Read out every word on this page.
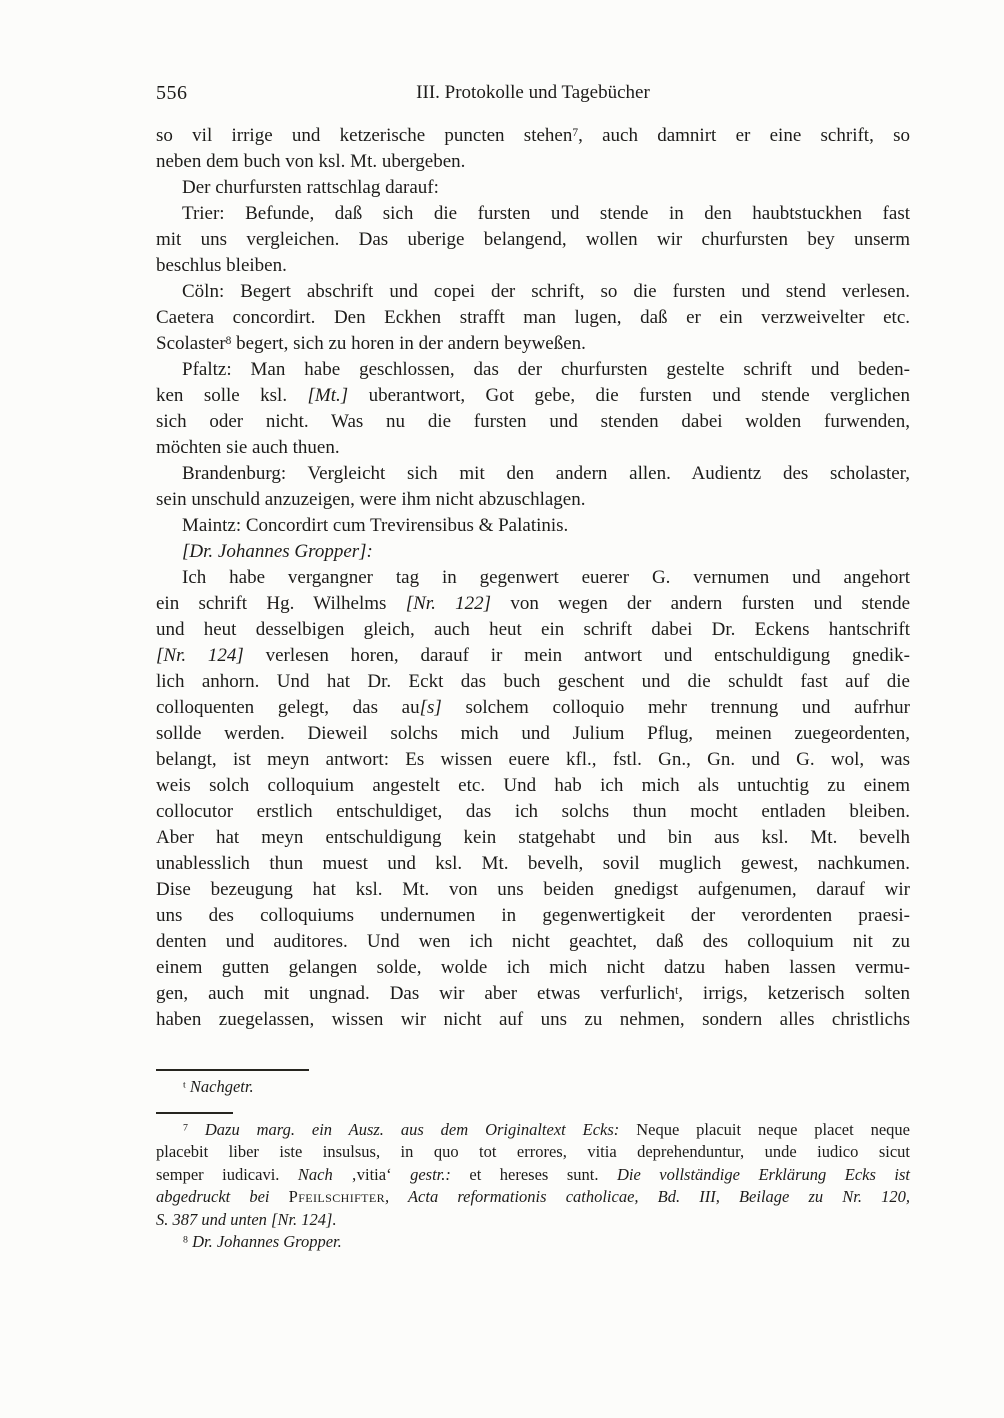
556	III. Protokolle und Tagebücher
so vil irrige und ketzerische puncten stehen$^7$, auch damnirt er eine schrift, so
neben dem buch von ksl. Mt. ubergeben.
Der churfursten rattschlag darauf:
Trier: Befunde, daß sich die fursten und stende in den haubtstuckhen fast
mit uns vergleichen. Das uberige belangend, wollen wir churfursten bey unserm
beschlus bleiben.
Cöln: Begert abschrift und copei der schrift, so die fursten und stend verlesen.
Caetera concordirt. Den Eckhen strafft man lugen, daß er ein verzweivelter etc.
Scolaster$^8$ begert, sich zu horen in der andern beyweßen.
Pfaltz: Man habe geschlossen, das der churfursten gestelte schrift und beden-
ken solle ksl. [Mt.] uberantwort, Got gebe, die fursten und stende verglichen
sich oder nicht. Was nu die fursten und stenden dabei wolden furwenden,
möchten sie auch thuen.
Brandenburg: Vergleicht sich mit den andern allen. Audientz des scholaster,
sein unschuld anzuzeigen, were ihm nicht abzuschlagen.
Maintz: Concordirt cum Trevirensibus & Palatinis.
[Dr. Johannes Gropper]:
Ich habe vergangner tag in gegenwert euerer G. vernumen und angehort
ein schrift Hg. Wilhelms [Nr. 122] von wegen der andern fursten und stende
und heut desselbigen gleich, auch heut ein schrift dabei Dr. Eckens hantschrift
[Nr. 124] verlesen horen, darauf ir mein antwort und entschuldigung gnedik-
lich anhorn. Und hat Dr. Eckt das buch geschent und die schuldt fast auf die
colloquenten gelegt, das au[s] solchem colloquio mehr trennung und aufrhur
sollde werden. Dieweil solchs mich und Julium Pflug, meinen zuegeordenten,
belangt, ist meyn antwort: Es wissen euere kfl., fstl. Gn., Gn. und G. wol, was
weis solch colloquium angestelt etc. Und hab ich mich als untuchtig zu einem
collocutor erstlich entschuldiget, das ich solchs thun mocht entladen bleiben.
Aber hat meyn entschuldigung kein statgehabt und bin aus ksl. Mt. bevelh
unablesslich thun muest und ksl. Mt. bevelh, sovil muglich gewest, nachkumen.
Dise bezeugung hat ksl. Mt. von uns beiden gnedigst aufgenumen, darauf wir
uns des colloquiums undernumen in gegenwertigkeit der verordenten praesi-
denten und auditores. Und wen ich nicht geachtet, daß des colloquium nit zu
einem gutten gelangen solde, wolde ich mich nicht datzu haben lassen vermu-
gen, auch mit ungnad. Das wir aber etwas verfurlich$^t$, irrigs, ketzerisch solten
haben zuegelassen, wissen wir nicht auf uns zu nehmen, sondern alles christlichs
$^t$ Nachgetr.
$^7$ Dazu marg. ein Ausz. aus dem Originaltext Ecks: Neque placuit neque placet neque
placebit liber iste insulsus, in quo tot errores, vitia deprehenduntur, unde iudico sicut
semper iudicavi. Nach ‚vitia‘ gestr.: et hereses sunt. Die vollständige Erklärung Ecks ist
abgedruckt bei Pfeilschifter, Acta reformationis catholicae, Bd. III, Beilage zu Nr. 120,
S. 387 und unten [Nr. 124].
$^8$ Dr. Johannes Gropper.
